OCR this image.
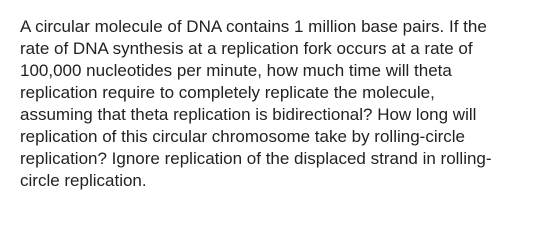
A circular molecule of DNA contains 1 million base pairs. If the
rate of DNA synthesis at a replication fork occurs at a rate of
100,000 nucleotides per minute, how much time will theta
replication require to completely replicate the molecule,
assuming that theta replication is bidirectional? How long will
replication of this circular chromosome take by rolling-circle
replication? Ignore replication of the displaced strand in rolling-
circle replication.
